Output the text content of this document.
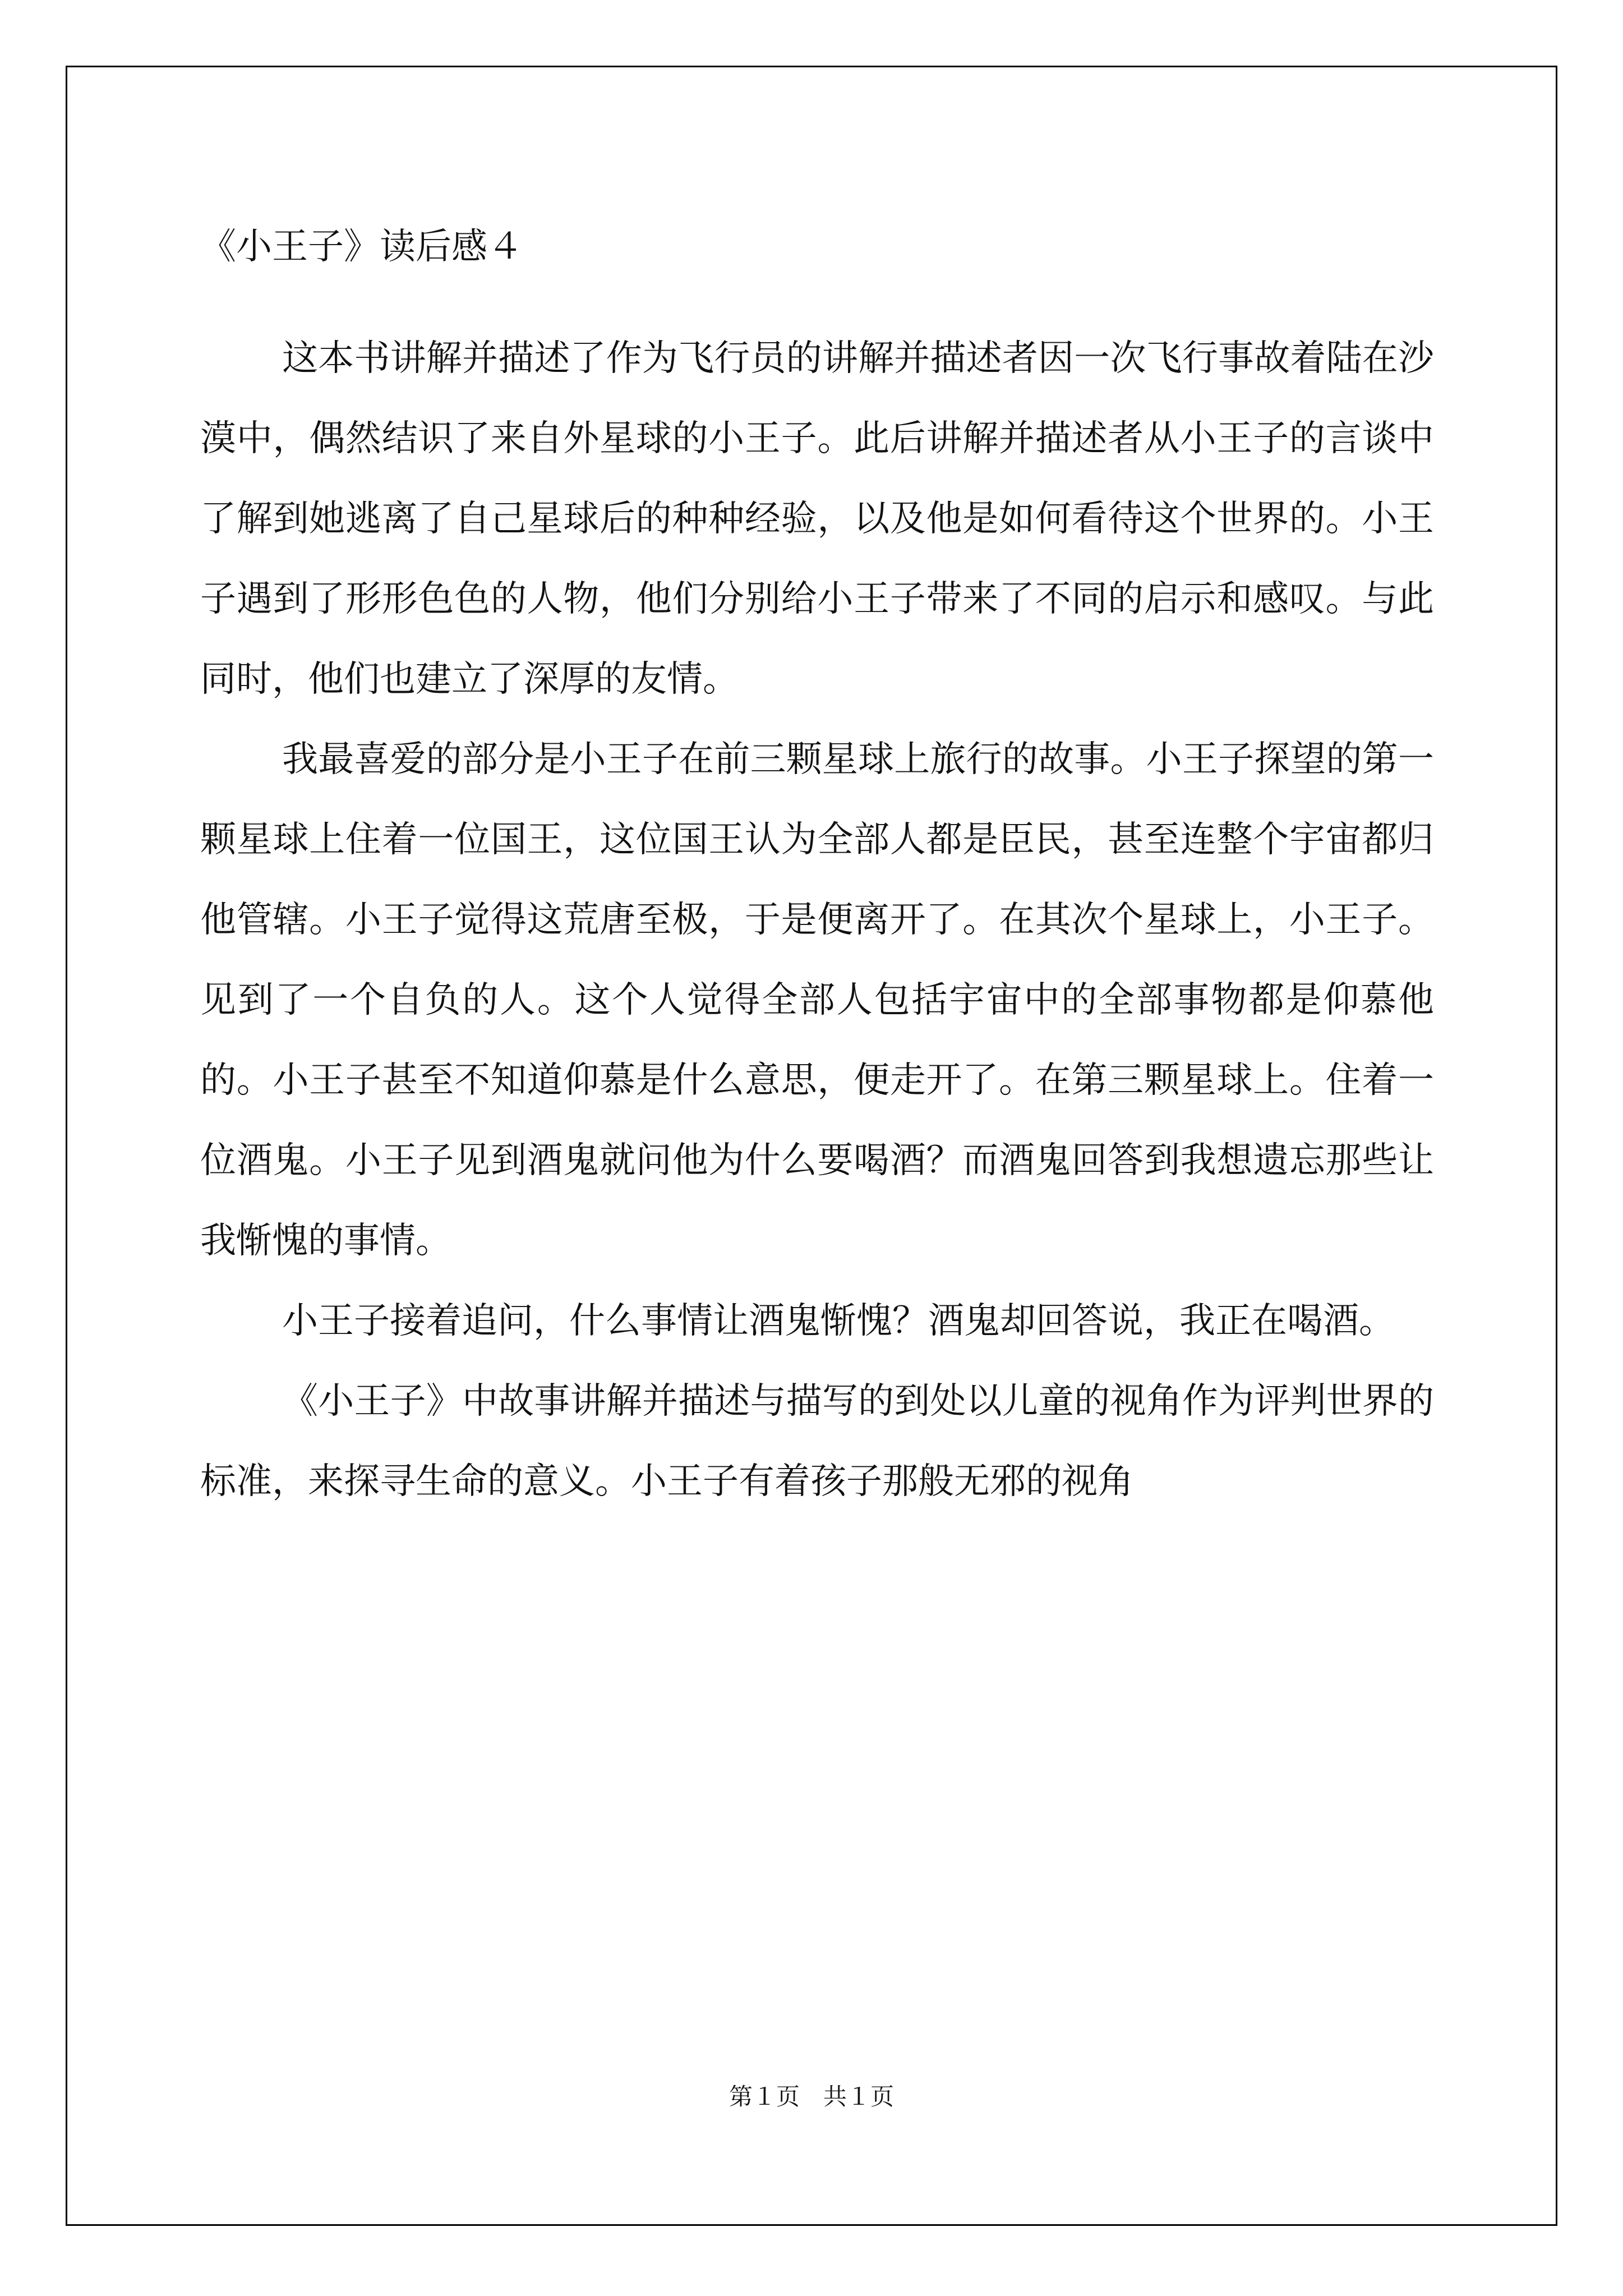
《小王子》读后感４

这本书讲解并描述了作为飞行员的讲解并描述者因一次飞行事故着陆在沙漠中，偶然结识了来自外星球的小王子。此后讲解并描述者从小王子的言谈中了解到她逃离了自己星球后的种种经验，以及他是如何看待这个世界的。小王子遇到了形形色色的人物，他们分别给小王子带来了不同的启示和感叹。与此同时，他们也建立了深厚的友情。

我最喜爱的部分是小王子在前三颗星球上旅行的故事。小王子探望的第一颗星球上住着一位国王，这位国王认为全部人都是臣民，甚至连整个宇宙都归他管辖。小王子觉得这荒唐至极，于是便离开了。在其次个星球上，小王子。见到了一个自负的人。这个人觉得全部人包括宇宙中的全部事物都是仰慕他的。小王子甚至不知道仰慕是什么意思，便走开了。在第三颗星球上。住着一位酒鬼。小王子见到酒鬼就问他为什么要喝酒？而酒鬼回答到我想遗忘那些让我惭愧的事情。

小王子接着追问，什么事情让酒鬼惭愧？酒鬼却回答说，我正在喝酒。

《小王子》中故事讲解并描述与描写的到处以儿童的视角作为评判世界的标准，来探寻生命的意义。小王子有着孩子那般无邪的视角

第１页　共１页
